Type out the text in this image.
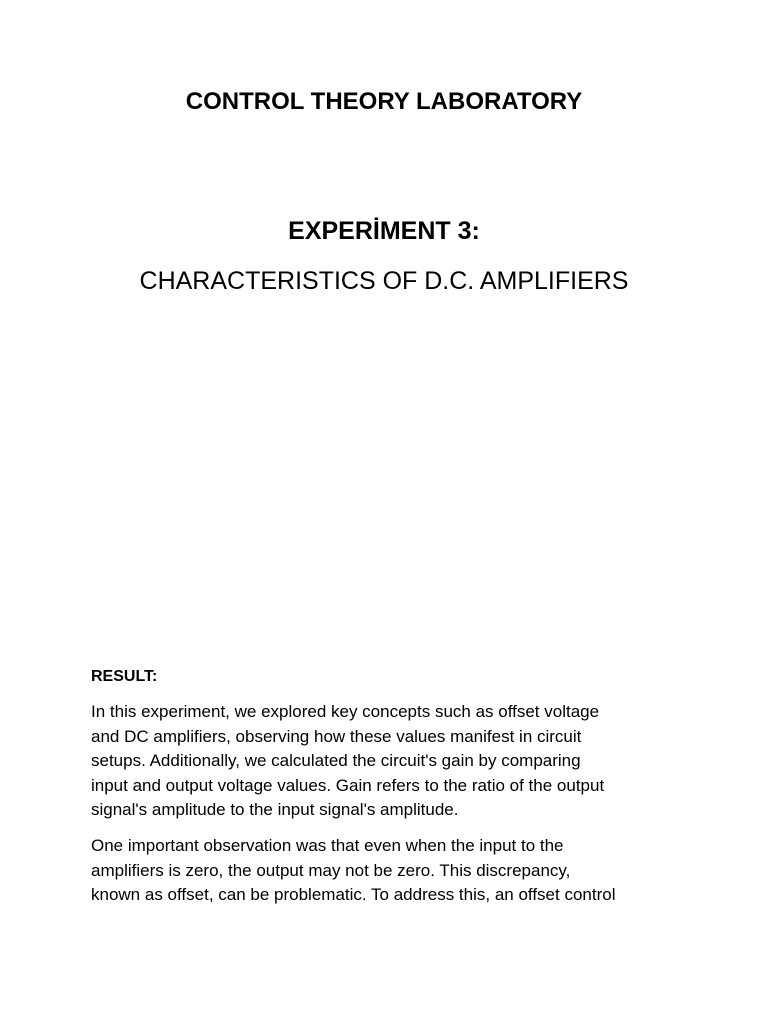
CONTROL THEORY LABORATORY
EXPERİMENT 3:
CHARACTERISTICS OF D.C. AMPLIFIERS
RESULT:

In this experiment, we explored key concepts such as offset voltage
and DC amplifiers, observing how these values manifest in circuit
setups. Additionally, we calculated the circuit's gain by comparing
input and output voltage values. Gain refers to the ratio of the output
signal's amplitude to the input signal's amplitude.

One important observation was that even when the input to the
amplifiers is zero, the output may not be zero. This discrepancy,
known as offset, can be problematic. To address this, an offset control
